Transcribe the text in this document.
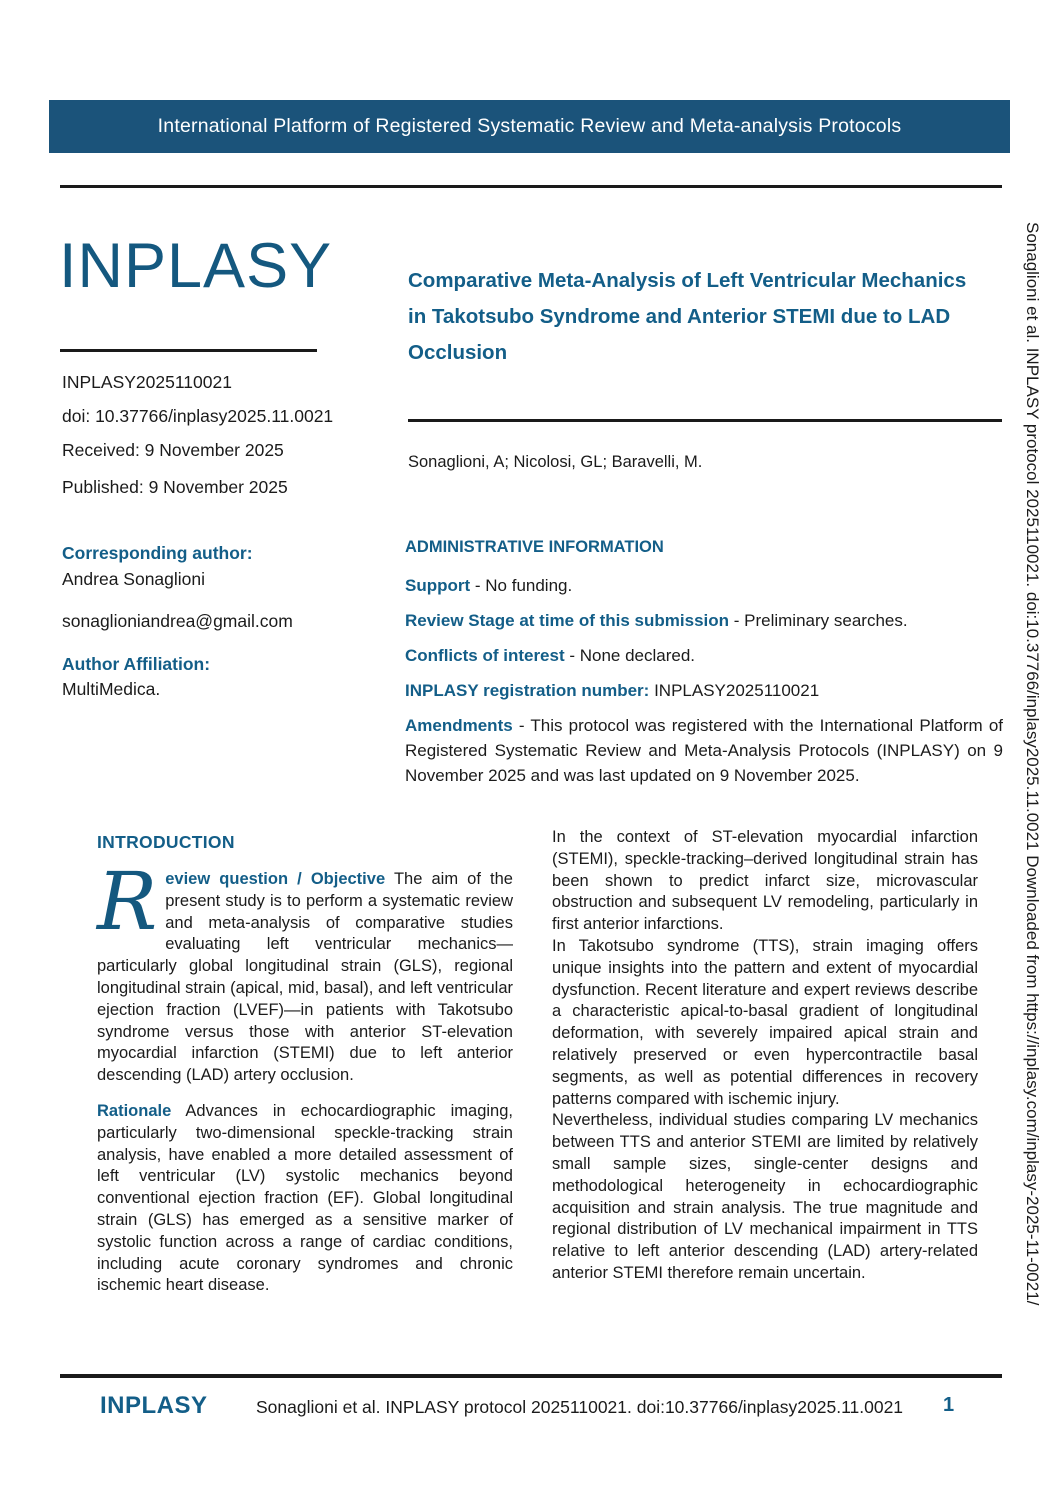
International Platform of Registered Systematic Review and Meta-analysis Protocols
INPLASY
INPLASY2025110021
doi: 10.37766/inplasy2025.11.0021
Received: 9 November 2025
Published: 9 November 2025
Comparative Meta-Analysis of Left Ventricular Mechanics in Takotsubo Syndrome and Anterior STEMI due to LAD Occlusion
Sonaglioni, A; Nicolosi, GL; Baravelli, M.
Corresponding author:
Andrea Sonaglioni
sonaglioniandrea@gmail.com
Author Affiliation:
MultiMedica.
ADMINISTRATIVE INFORMATION

Support - No funding.

Review Stage at time of this submission - Preliminary searches.

Conflicts of interest - None declared.

INPLASY registration number: INPLASY2025110021

Amendments - This protocol was registered with the International Platform of Registered Systematic Review and Meta-Analysis Protocols (INPLASY) on 9 November 2025 and was last updated on 9 November 2025.

INTRODUCTION

Review question / Objective The aim of the present study is to perform a systematic review and meta-analysis of comparative studies evaluating left ventricular mechanics—particularly global longitudinal strain (GLS), regional longitudinal strain (apical, mid, basal), and left ventricular ejection fraction (LVEF)—in patients with Takotsubo syndrome versus those with anterior ST-elevation myocardial infarction (STEMI) due to left anterior descending (LAD) artery occlusion.

Rationale Advances in echocardiographic imaging, particularly two-dimensional speckle-tracking strain analysis, have enabled a more detailed assessment of left ventricular (LV) systolic mechanics beyond conventional ejection fraction (EF). Global longitudinal strain (GLS) has emerged as a sensitive marker of systolic function across a range of cardiac conditions, including acute coronary syndromes and chronic ischemic heart disease.

In the context of ST-elevation myocardial infarction (STEMI), speckle-tracking–derived longitudinal strain has been shown to predict infarct size, microvascular obstruction and subsequent LV remodeling, particularly in first anterior infarctions.

In Takotsubo syndrome (TTS), strain imaging offers unique insights into the pattern and extent of myocardial dysfunction. Recent literature and expert reviews describe a characteristic apical-to-basal gradient of longitudinal deformation, with severely impaired apical strain and relatively preserved or even hypercontractile basal segments, as well as potential differences in recovery patterns compared with ischemic injury.

Nevertheless, individual studies comparing LV mechanics between TTS and anterior STEMI are limited by relatively small sample sizes, single-center designs and methodological heterogeneity in echocardiographic acquisition and strain analysis. The true magnitude and regional distribution of LV mechanical impairment in TTS relative to left anterior descending (LAD) artery-related anterior STEMI therefore remain uncertain.

INPLASY	Sonaglioni et al. INPLASY protocol 2025110021. doi:10.37766/inplasy2025.11.0021 1
Sonaglioni et al. INPLASY protocol 2025110021. doi:10.37766/inplasy2025.11.0021 Downloaded from https://inplasy.com/inplasy-2025-11-0021/
